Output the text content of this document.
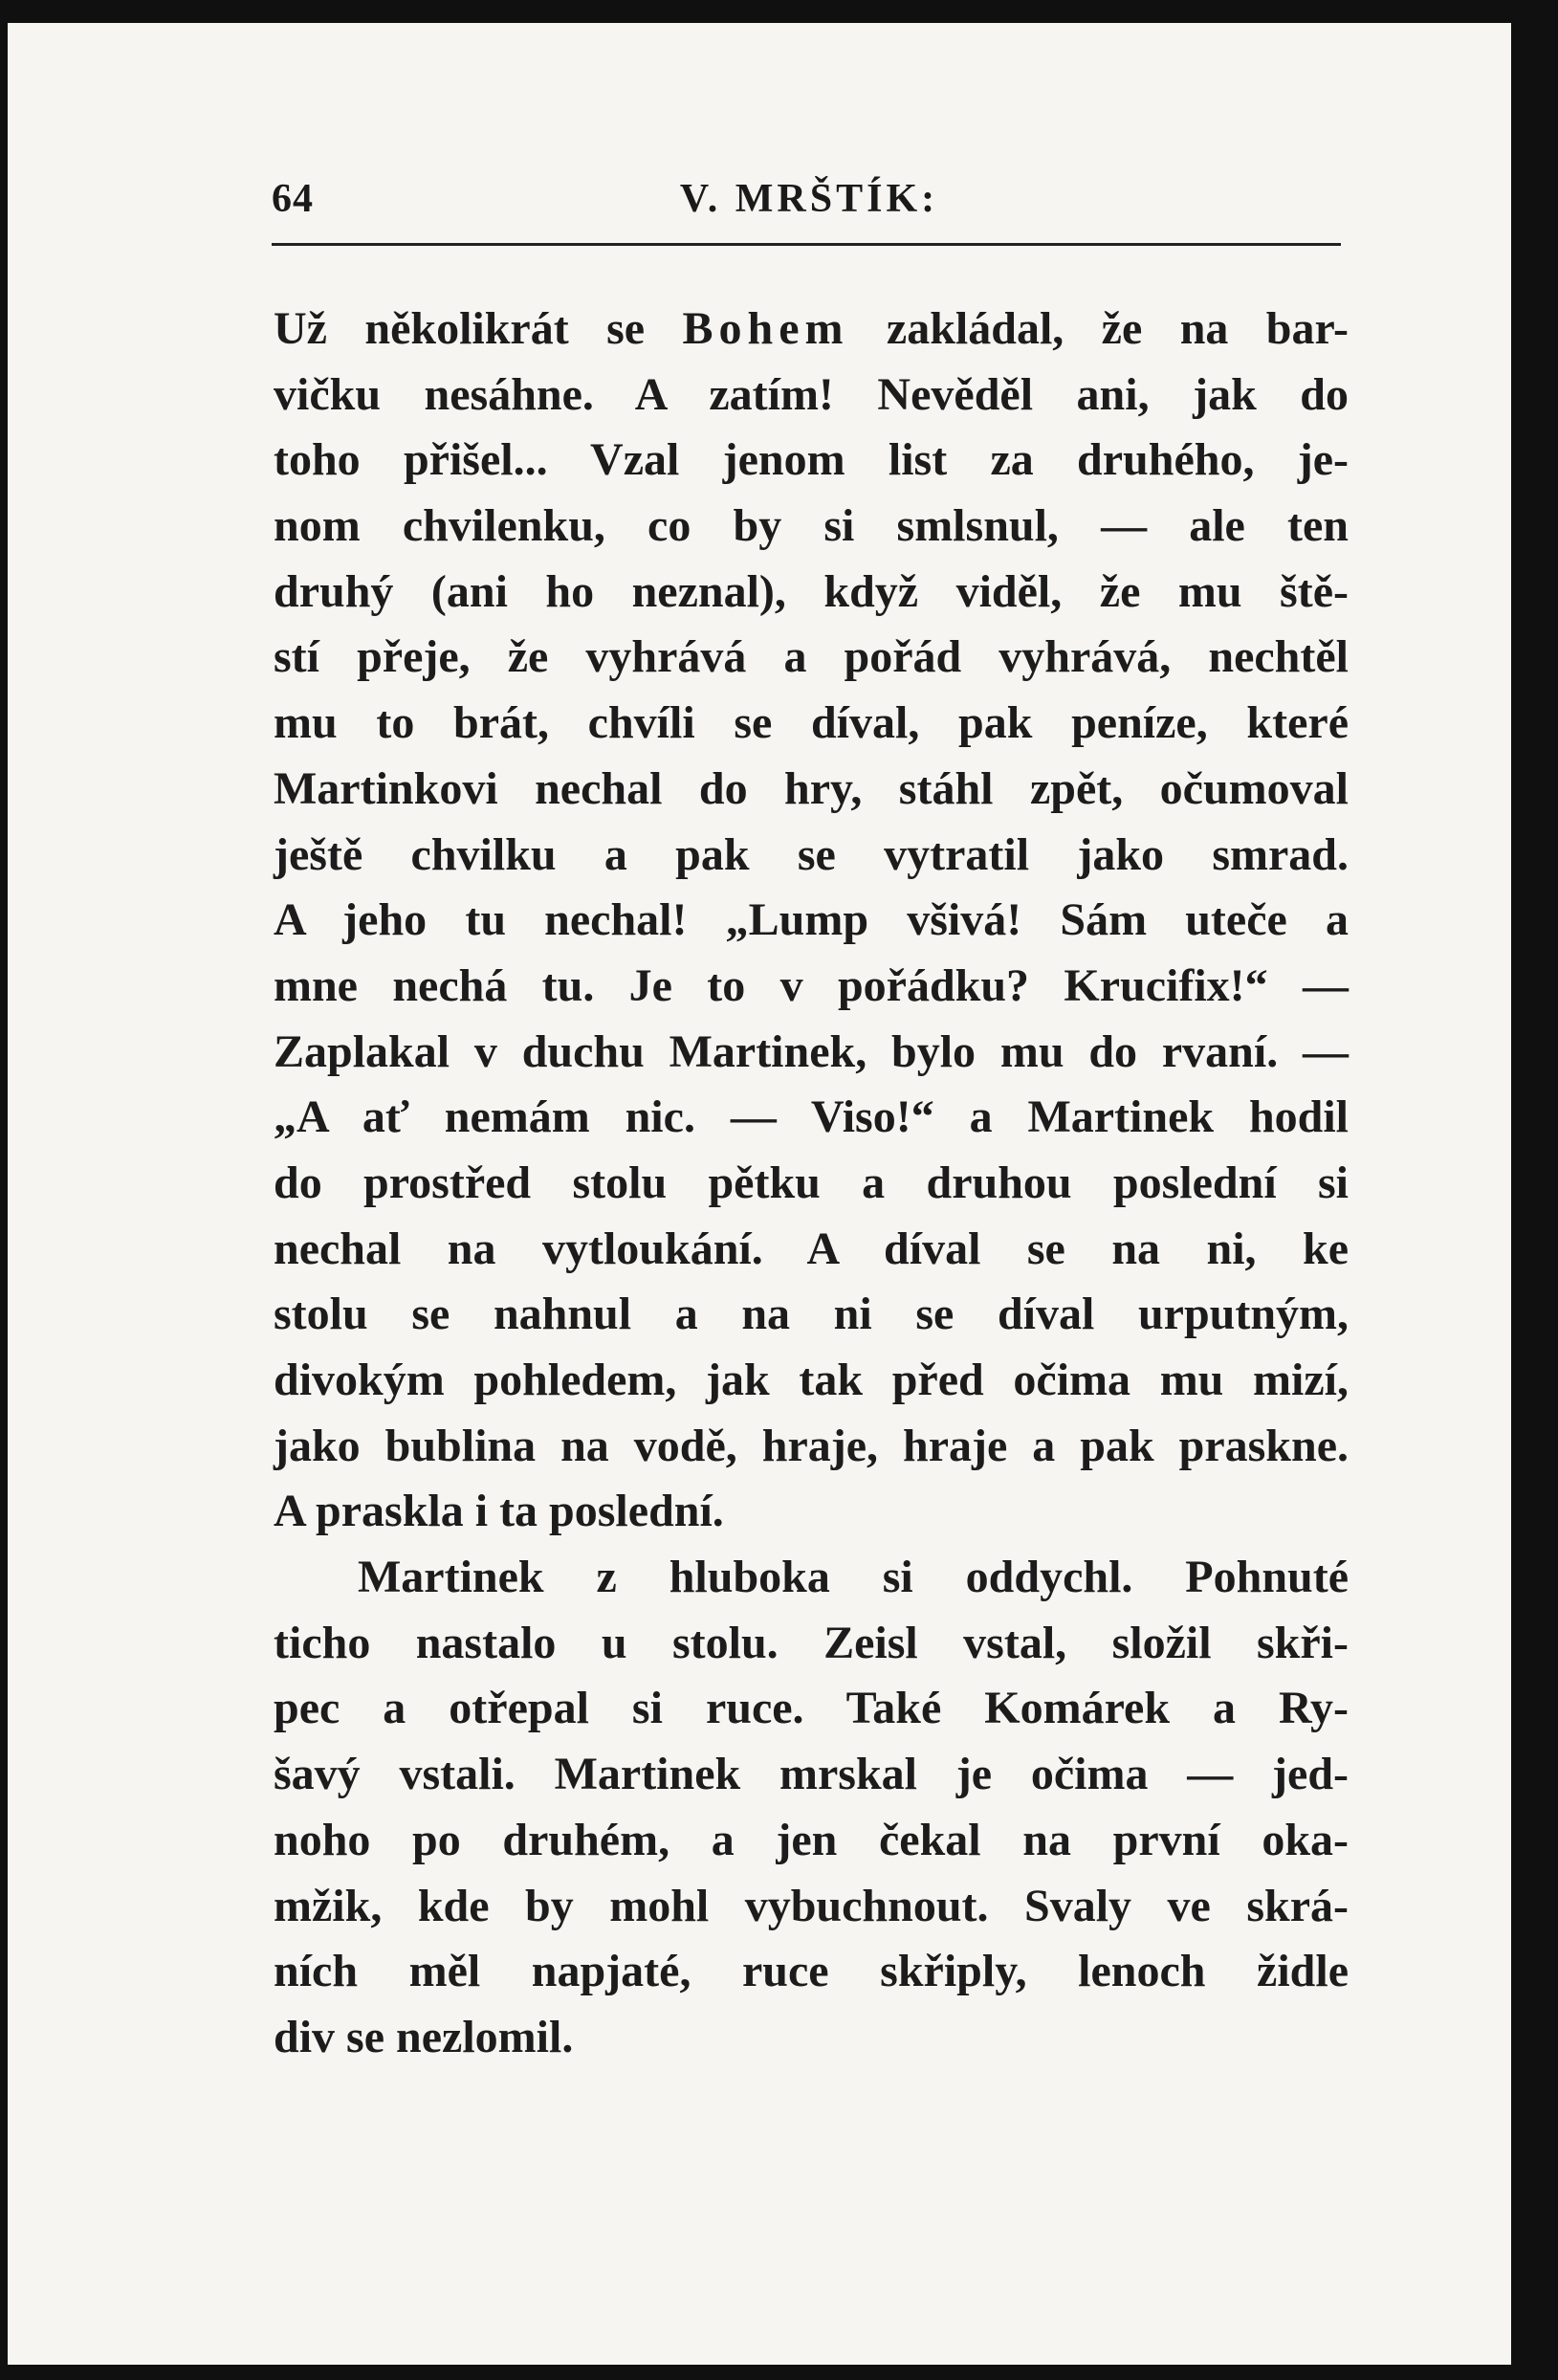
64	V. MRŠTÍK:
Už několikrát se Bohem zakládal, že na bar-
vičku nesáhne. A zatím! Nevěděl ani, jak do
toho přišel... Vzal jenom list za druhého, je-
nom chvilenku, co by si smlsnul, — ale ten
druhý (ani ho neznal), když viděl, že mu ště-
stí přeje, že vyhrává a pořád vyhrává, nechtěl
mu to brát, chvíli se díval, pak peníze, které
Martinkovi nechal do hry, stáhl zpět, očumoval
ještě chvilku a pak se vytratil jako smrad.
A jeho tu nechal! „Lump všivá! Sám uteče a
mne nechá tu. Je to v pořádku? Krucifix!“ —
Zaplakal v duchu Martinek, bylo mu do rvaní. —
„A ať nemám nic. — Viso!“ a Martinek hodil
do prostřed stolu pětku a druhou poslední si
nechal na vytloukání. A díval se na ni, ke
stolu se nahnul a na ni se díval urputným,
divokým pohledem, jak tak před očima mu mizí,
jako bublina na vodě, hraje, hraje a pak praskne.
A praskla i ta poslední.
Martinek z hluboka si oddychl. Pohnuté
ticho nastalo u stolu. Zeisl vstal, složil skři-
pec a otřepal si ruce. Také Komárek a Ry-
šavý vstali. Martinek mrskal je očima — jed-
noho po druhém, a jen čekal na první oka-
mžik, kde by mohl vybuchnout. Svaly ve skrá-
ních měl napjaté, ruce skřiply, lenoch židle
div se nezlomil.
